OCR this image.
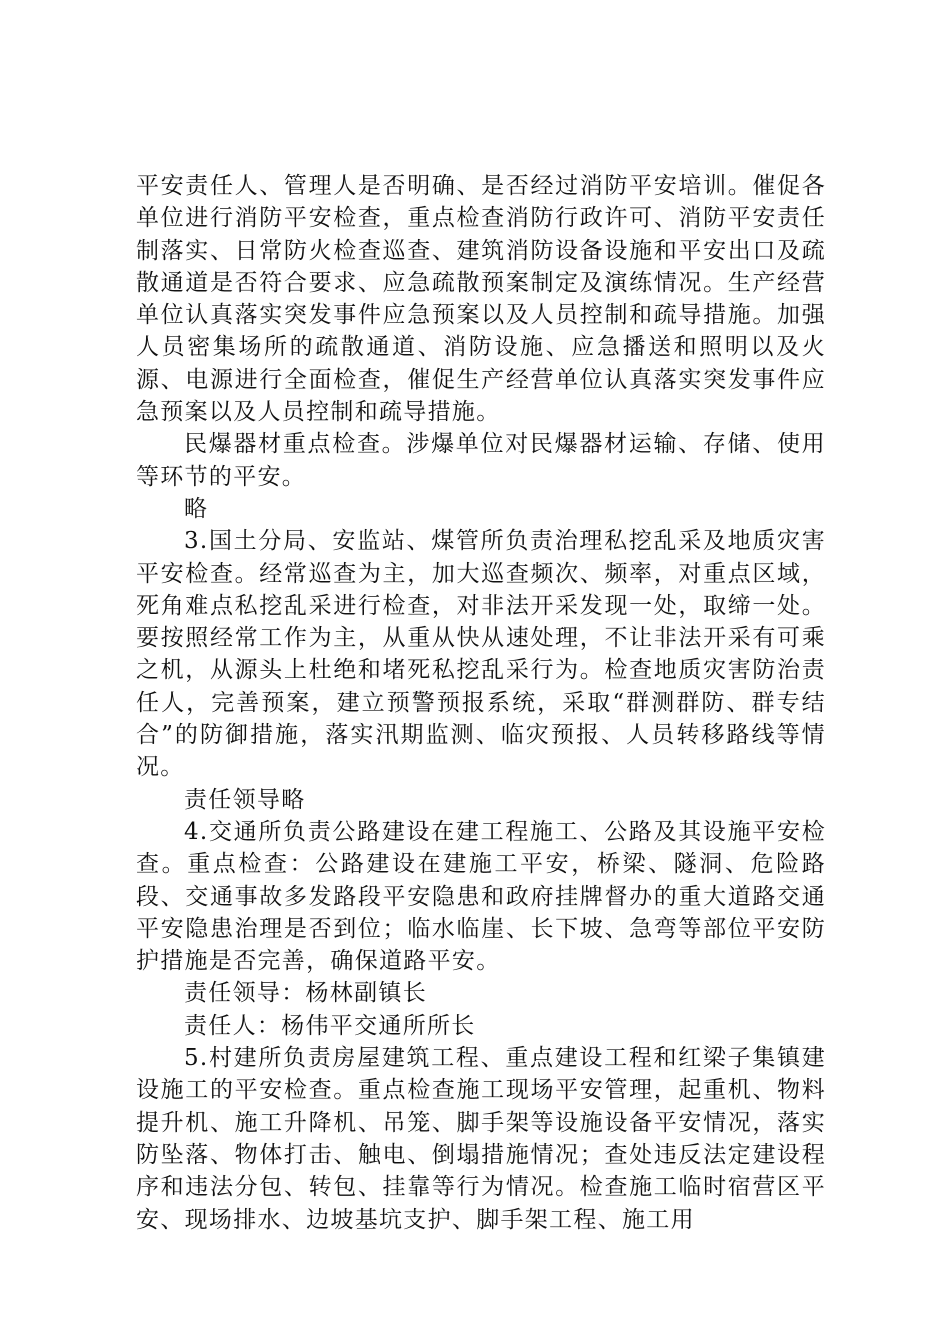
平安责任人、管理人是否明确、是否经过消防平安培训。催促各单位进行消防平安检查，重点检查消防行政许可、消防平安责任制落实、日常防火检查巡查、建筑消防设备设施和平安出口及疏散通道是否符合要求、应急疏散预案制定及演练情况。生产经营单位认真落实突发事件应急预案以及人员控制和疏导措施。加强人员密集场所的疏散通道、消防设施、应急播送和照明以及火源、电源进行全面检查，催促生产经营单位认真落实突发事件应急预案以及人员控制和疏导措施。

民爆器材重点检查。涉爆单位对民爆器材运输、存储、使用等环节的平安。

略

3.国土分局、安监站、煤管所负责治理私挖乱采及地质灾害平安检查。经常巡查为主，加大巡查频次、频率，对重点区域，死角难点私挖乱采进行检查，对非法开采发现一处，取缔一处。要按照经常工作为主，从重从快从速处理，不让非法开采有可乘之机，从源头上杜绝和堵死私挖乱采行为。检查地质灾害防治责任人，完善预案，建立预警预报系统，采取“群测群防、群专结合”的防御措施，落实汛期监测、临灾预报、人员转移路线等情况。

责任领导略

4.交通所负责公路建设在建工程施工、公路及其设施平安检查。重点检查：公路建设在建施工平安，桥梁、隧洞、危险路段、交通事故多发路段平安隐患和政府挂牌督办的重大道路交通平安隐患治理是否到位；临水临崖、长下坡、急弯等部位平安防护措施是否完善，确保道路平安。

责任领导：杨林副镇长

责任人：杨伟平交通所所长

5.村建所负责房屋建筑工程、重点建设工程和红梁子集镇建设施工的平安检查。重点检查施工现场平安管理，起重机、物料提升机、施工升降机、吊笼、脚手架等设施设备平安情况，落实防坠落、物体打击、触电、倒塌措施情况；查处违反法定建设程序和违法分包、转包、挂靠等行为情况。检查施工临时宿营区平安、现场排水、边坡基坑支护、脚手架工程、施工用
